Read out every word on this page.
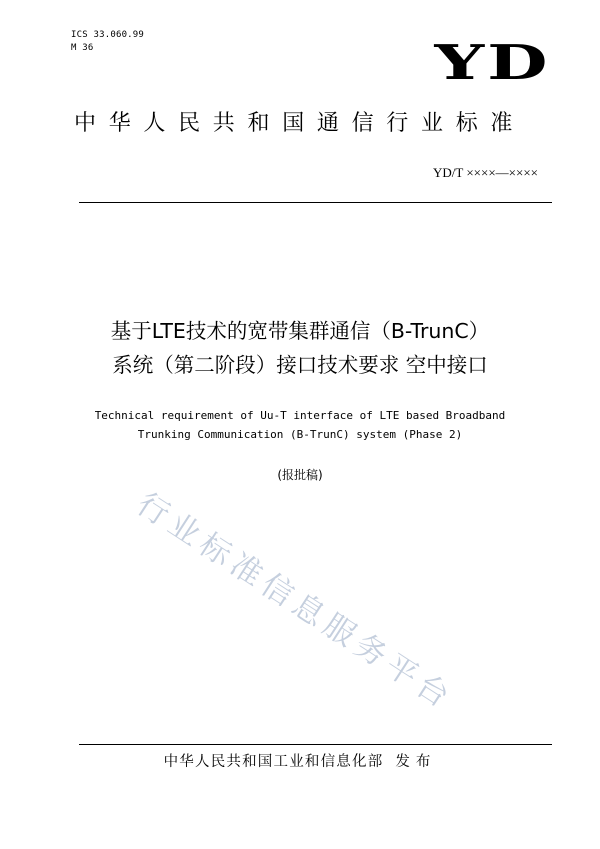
ICS 33.060.99
M 36	YD
中华人民共和国通信行业标准
YD/T ××××—××××
基于LTE技术的宽带集群通信（B-TrunC）
系统（第二阶段）接口技术要求 空中接口
Technical requirement of Uu-T interface of LTE based Broadband
Trunking Communication (B-TrunC) system (Phase 2)
(报批稿)
行业标准信息服务平台
中华人民共和国工业和信息化部 发布
